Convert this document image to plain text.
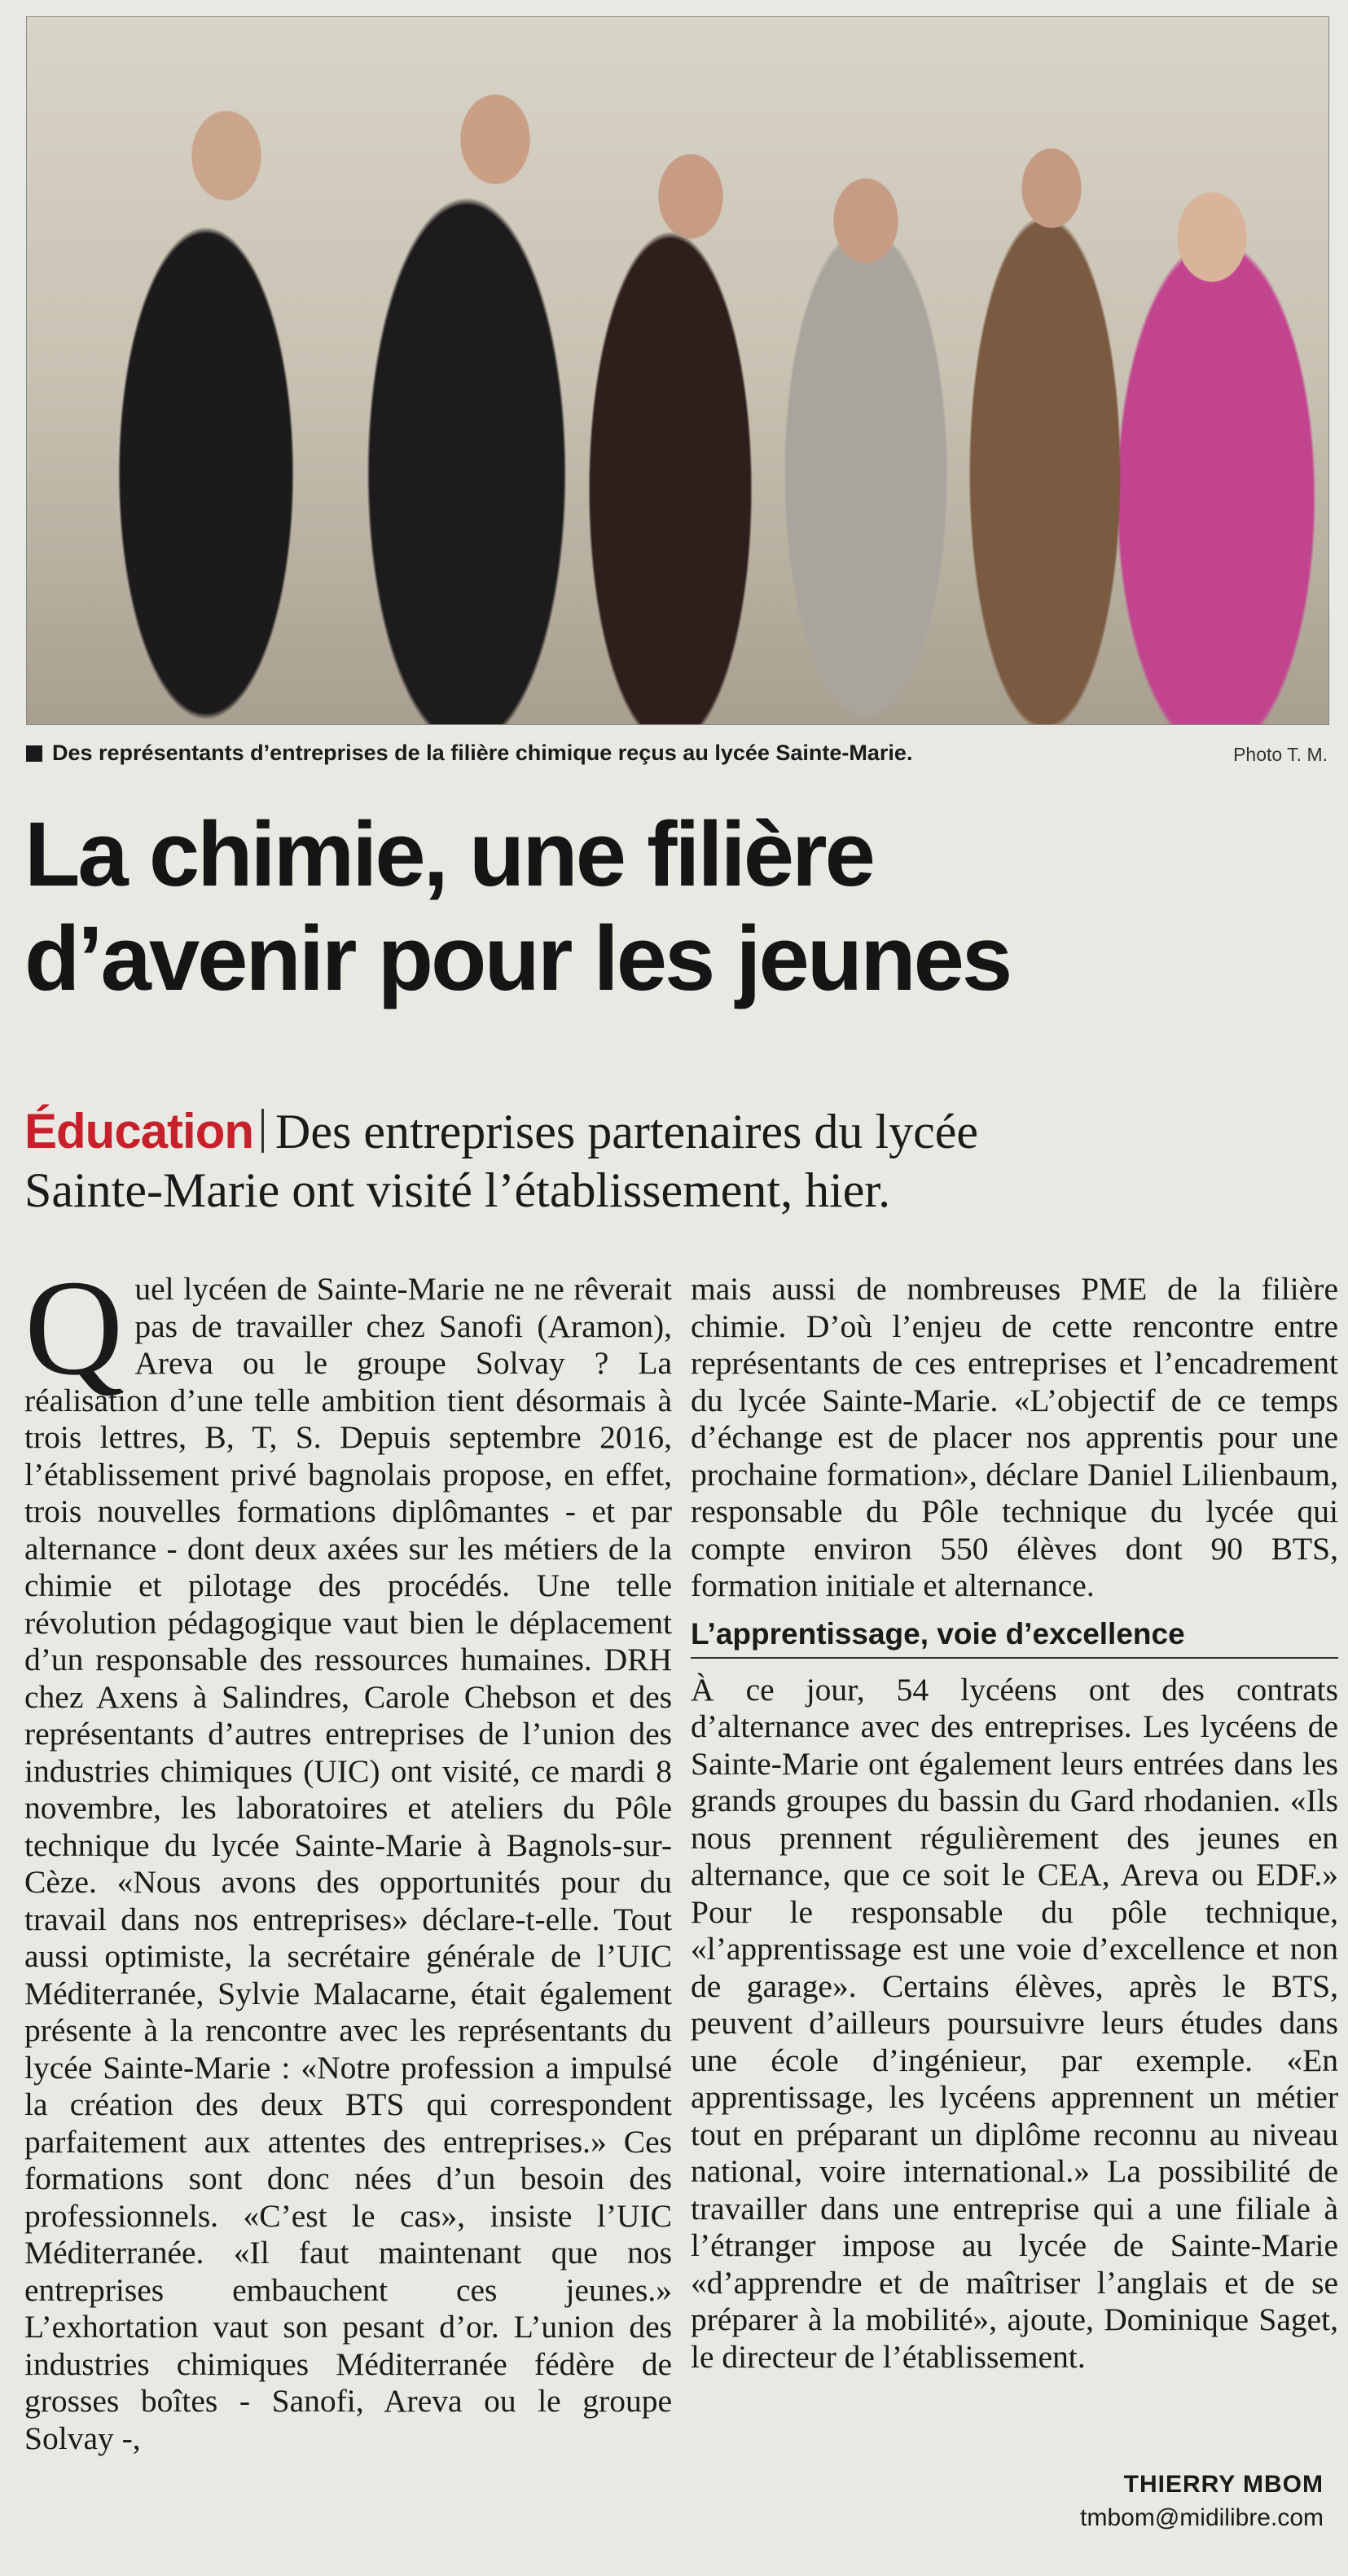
Des représentants d’entreprises de la filière chimique reçus au lycée Sainte-Marie.	Photo T. M.
La chimie, une filière
d’avenir pour les jeunes
Éducation Des entreprises partenaires du lycée
Sainte-Marie ont visité l’établissement, hier.
Q uel lycéen de Sainte-Marie ne ne rêverait pas de travailler chez Sanofi (Aramon), Areva ou le groupe Solvay ? La réalisation d’une telle ambition tient désormais à trois lettres, B, T, S. Depuis septembre 2016, l’établissement privé bagnolais propose, en effet, trois nouvelles formations diplômantes - et par alternance - dont deux axées sur les métiers de la chimie et pilotage des procédés. Une telle révolution pédagogique vaut bien le déplacement d’un responsable des ressources humaines. DRH chez Axens à Salindres, Carole Chebson et des représentants d’autres entreprises de l’union des industries chimiques (UIC) ont visité, ce mardi 8 novembre, les laboratoires et ateliers du Pôle technique du lycée Sainte-Marie à Bagnols-sur-Cèze. «Nous avons des opportunités pour du travail dans nos entreprises» déclare-t-elle. Tout aussi optimiste, la secrétaire générale de l’UIC Méditerranée, Sylvie Malacarne, était également présente à la rencontre avec les représentants du lycée Sainte-Marie : «Notre profession a impulsé la création des deux BTS qui correspondent parfaitement aux attentes des entreprises.» Ces formations sont donc nées d’un besoin des professionnels. «C’est le cas», insiste l’UIC Méditerranée. «Il faut maintenant que nos entreprises embauchent ces jeunes.» L’exhortation vaut son pesant d’or. L’union des industries chimiques Méditerranée fédère de grosses boîtes - Sanofi, Areva ou le groupe Solvay -,

mais aussi de nombreuses PME de la filière chimie. D’où l’enjeu de cette rencontre entre représentants de ces entreprises et l’encadrement du lycée Sainte-Marie. «L’objectif de ce temps d’échange est de placer nos apprentis pour une prochaine formation», déclare Daniel Lilienbaum, responsable du Pôle technique du lycée qui compte environ 550 élèves dont 90 BTS, formation initiale et alternance.

L’apprentissage, voie d’excellence

À ce jour, 54 lycéens ont des contrats d’alternance avec des entreprises. Les lycéens de Sainte-Marie ont également leurs entrées dans les grands groupes du bassin du Gard rhodanien. «Ils nous prennent régulièrement des jeunes en alternance, que ce soit le CEA, Areva ou EDF.» Pour le responsable du pôle technique, «l’apprentissage est une voie d’excellence et non de garage». Certains élèves, après le BTS, peuvent d’ailleurs poursuivre leurs études dans une école d’ingénieur, par exemple. «En apprentissage, les lycéens apprennent un métier tout en préparant un diplôme reconnu au niveau national, voire international.» La possibilité de travailler dans une entreprise qui a une filiale à l’étranger impose au lycée de Sainte-Marie «d’apprendre et de maîtriser l’anglais et de se préparer à la mobilité», ajoute, Dominique Saget, le directeur de l’établissement.

THIERRY MBOM
tmbom@midilibre.com
